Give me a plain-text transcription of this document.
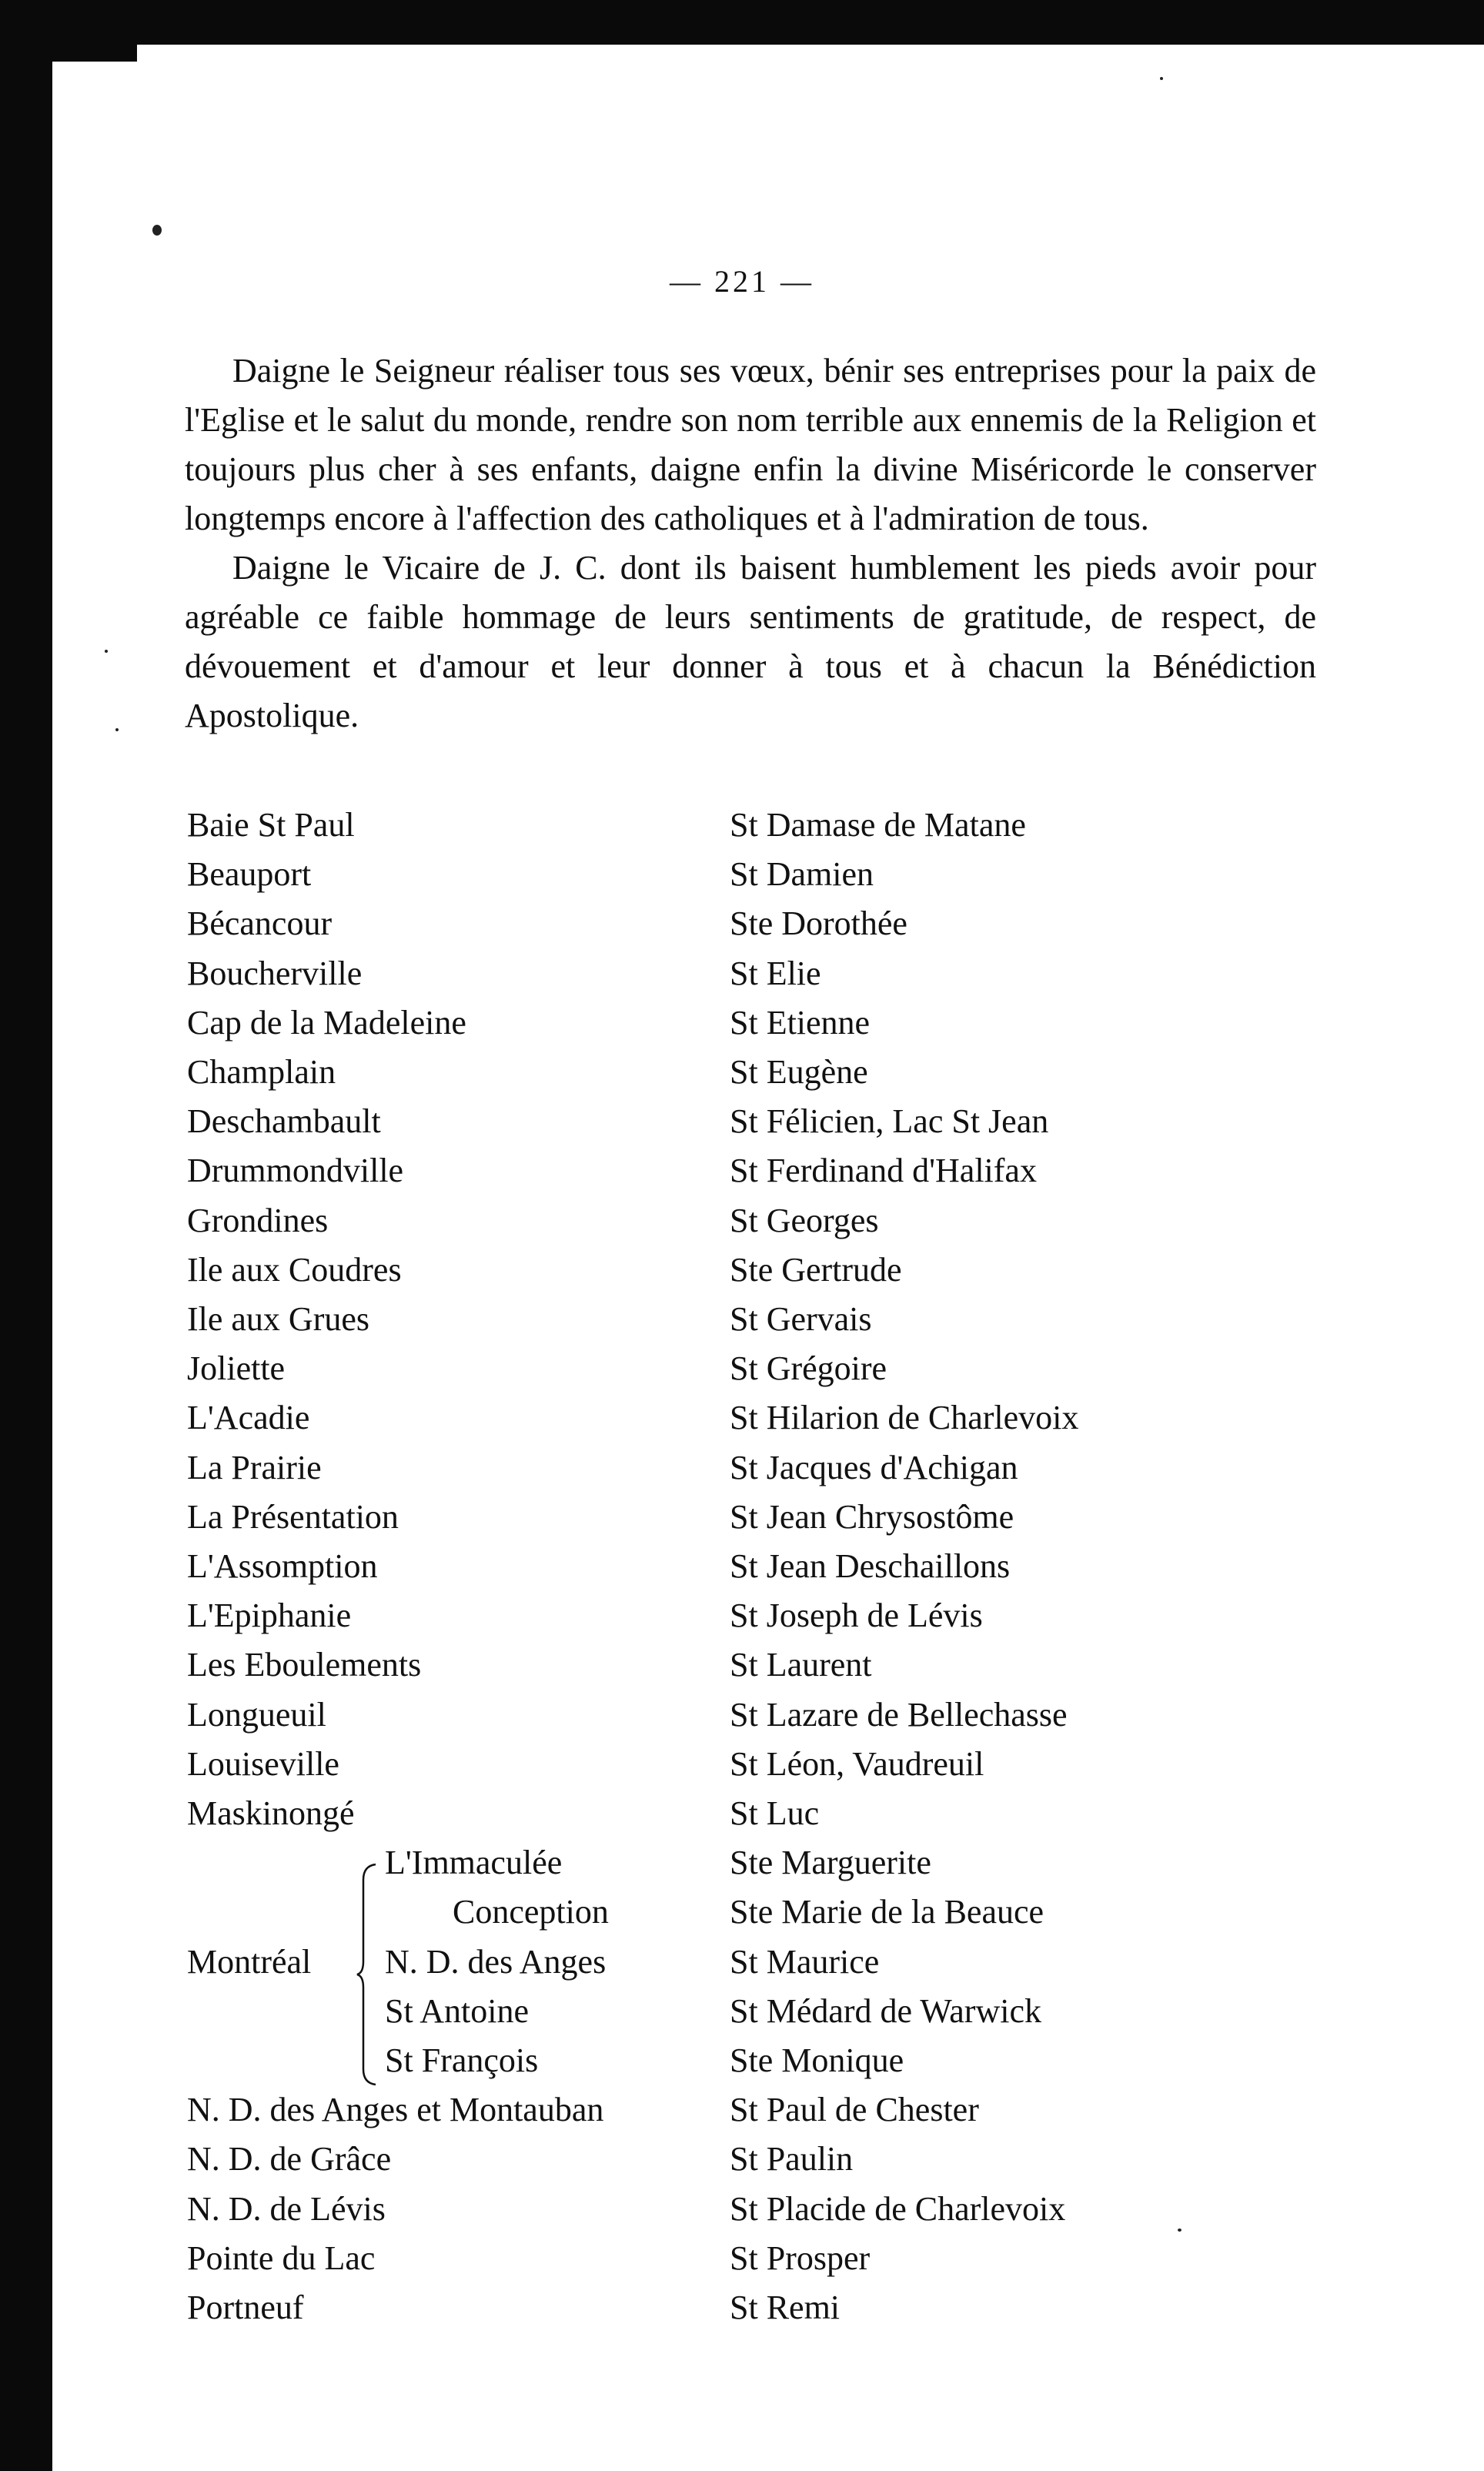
— 221 —

Daigne le Seigneur réaliser tous ses vœux, bénir ses entreprises pour la paix de l'Eglise et le salut du monde, rendre son nom terrible aux ennemis de la Religion et toujours plus cher à ses enfants, daigne enfin la divine Miséricorde le conserver longtemps encore à l'affection des catholiques et à l'admiration de tous.

Daigne le Vicaire de J. C. dont ils baisent humblement les pieds avoir pour agréable ce faible hommage de leurs sentiments de gratitude, de respect, de dévouement et d'amour et leur donner à tous et à chacun la Bénédiction Apostolique.

Baie St Paul
Beauport
Bécancour
Boucherville
Cap de la Madeleine
Champlain
Deschambault
Drummondville
Grondines
Ile aux Coudres
Ile aux Grues
Joliette
L'Acadie
La Prairie
La Présentation
L'Assomption
L'Epiphanie
Les Eboulements
Longueuil
Louiseville
Maskinongé
L'Immaculée
Conception
N. D. des Anges
St Antoine
St François
Montréal
N. D. des Anges et Montauban
N. D. de Grâce
N. D. de Lévis
Pointe du Lac
Portneuf
St Damase de Matane
St Damien
Ste Dorothée
St Elie
St Etienne
St Eugène
St Félicien, Lac St Jean
St Ferdinand d'Halifax
St Georges
Ste Gertrude
St Gervais
St Grégoire
St Hilarion de Charlevoix
St Jacques d'Achigan
St Jean Chrysostôme
St Jean Deschaillons
St Joseph de Lévis
St Laurent
St Lazare de Bellechasse
St Léon, Vaudreuil
St Luc
Ste Marguerite
Ste Marie de la Beauce
St Maurice
St Médard de Warwick
Ste Monique
St Paul de Chester
St Paulin
St Placide de Charlevoix
St Prosper
St Remi
